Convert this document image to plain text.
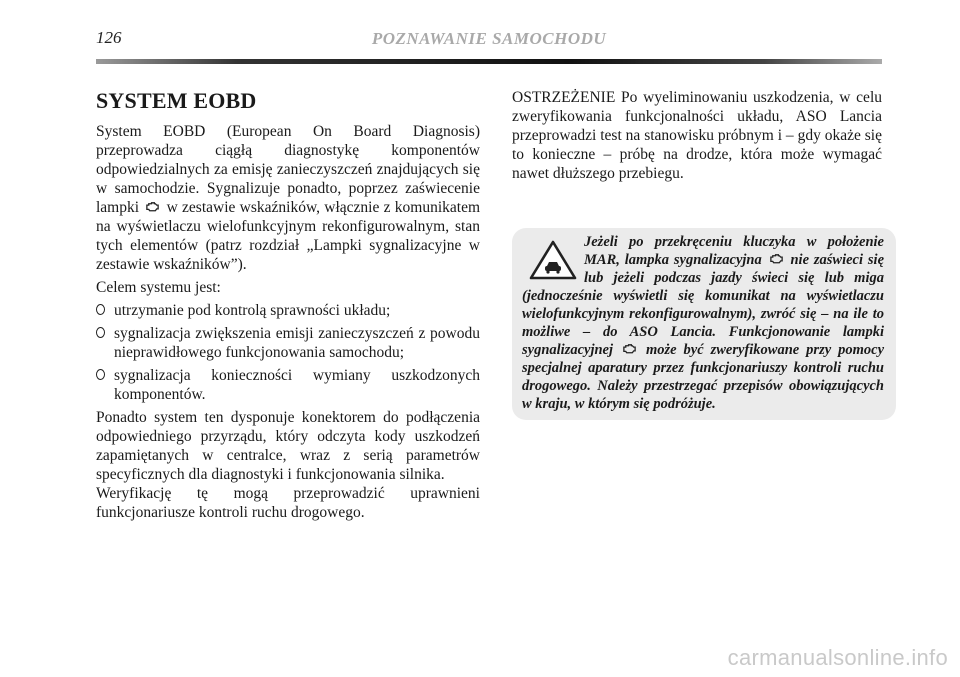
126	POZNAWANIE SAMOCHODU
SYSTEM EOBD

System EOBD (European On Board Diagnosis) przeprowadza ciągłą diagnostykę komponentów odpowiedzialnych za emisję zanieczyszczeń znajdujących się w samochodzie. Sygnalizuje ponadto, poprzez zaświecenie lampki w zestawie wskaźników, włącznie z komunikatem na wyświetlaczu wielofunkcyjnym rekonfigurowalnym, stan tych elementów (patrz rozdział „Lampki sygnalizacyjne w zestawie wskaźników”).

Celem systemu jest:

utrzymanie pod kontrolą sprawności układu;
sygnalizacja zwiększenia emisji zanieczyszczeń z powodu nieprawidłowego funkcjonowania samochodu;
sygnalizacja konieczności wymiany uszkodzonych komponentów.

Ponadto system ten dysponuje konektorem do podłączenia odpowiedniego przyrządu, który odczyta kody uszkodzeń zapamiętanych w centralce, wraz z serią parametrów specyficznych dla diagnostyki i funkcjonowania silnika.

Weryfikację tę mogą przeprowadzić uprawnieni funkcjonariusze kontroli ruchu drogowego.

OSTRZEŻENIE Po wyeliminowaniu uszkodzenia, w celu zweryfikowania funkcjonalności układu, ASO Lancia przeprowadzi test na stanowisku próbnym i – gdy okaże się to konieczne – próbę na drodze, która może wymagać nawet dłuższego przebiegu.

Jeżeli po przekręceniu kluczyka w położenie MAR, lampka sygnalizacyjna nie zaświeci się lub jeżeli podczas jazdy świeci się lub miga (jednocześnie wyświetli się komunikat na wyświetlaczu wielofunkcyjnym rekonfigurowalnym), zwróć się – na ile to możliwe – do ASO Lancia. Funkcjonowanie lampki sygnalizacyjnej może być zweryfikowane przy pomocy specjalnej aparatury przez funkcjonariuszy kontroli ruchu drogowego. Należy przestrzegać przepisów obowiązujących w kraju, w którym się podróżuje.

carmanualsonline.info
